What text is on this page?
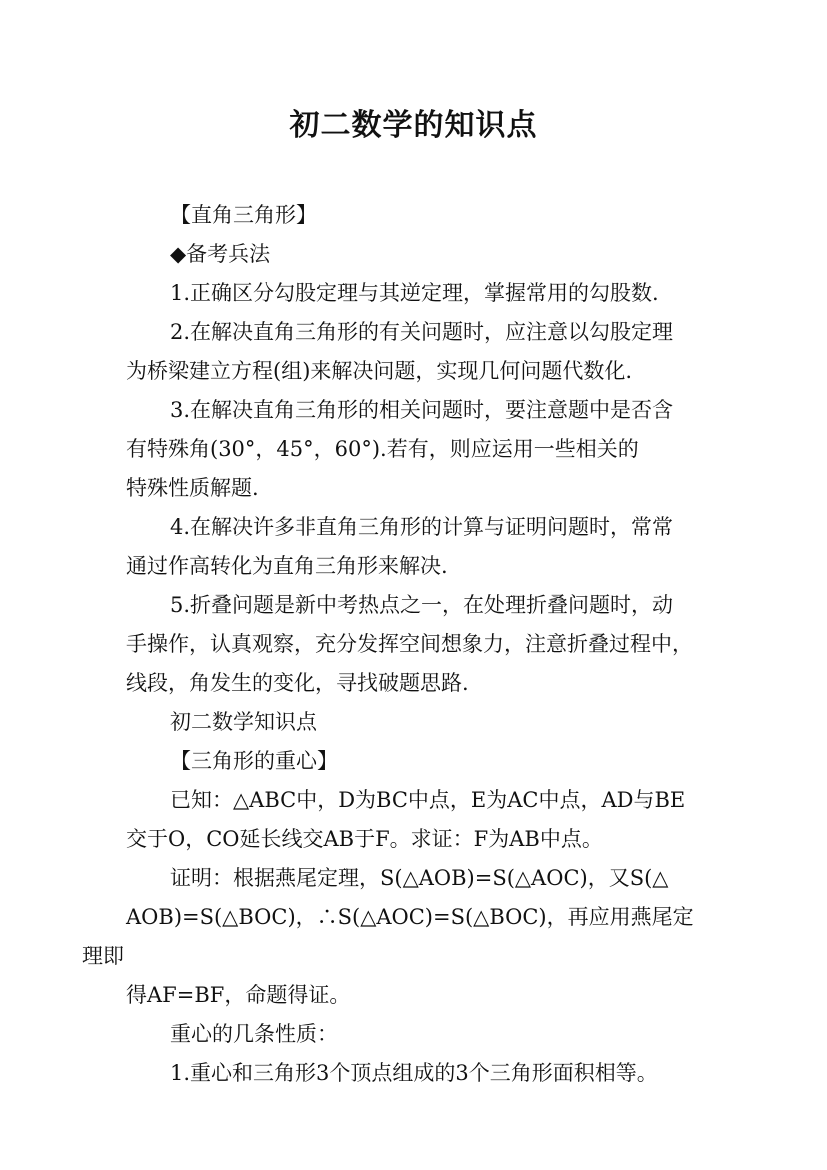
初二数学的知识点

【直角三角形】

◆备考兵法

1.正确区分勾股定理与其逆定理，掌握常用的勾股数.

2.在解决直角三角形的有关问题时，应注意以勾股定理
为桥梁建立方程(组)来解决问题，实现几何问题代数化.

3.在解决直角三角形的相关问题时，要注意题中是否含
有特殊角(30°，45°，60°).若有，则应运用一些相关的
特殊性质解题.

4.在解决许多非直角三角形的计算与证明问题时，常常
通过作高转化为直角三角形来解决.

5.折叠问题是新中考热点之一，在处理折叠问题时，动
手操作，认真观察，充分发挥空间想象力，注意折叠过程中，
线段，角发生的变化，寻找破题思路.

初二数学知识点

【三角形的重心】

已知：△ABC中，D为BC中点，E为AC中点，AD与BE
交于O，CO延长线交AB于F。求证：F为AB中点。

证明：根据燕尾定理，S(△AOB)=S(△AOC)，又S(△
AOB)=S(△BOC)，∴S(△AOC)=S(△BOC)，再应用燕尾定理即
得AF=BF，命题得证。

重心的几条性质：

1.重心和三角形3个顶点组成的3个三角形面积相等。
